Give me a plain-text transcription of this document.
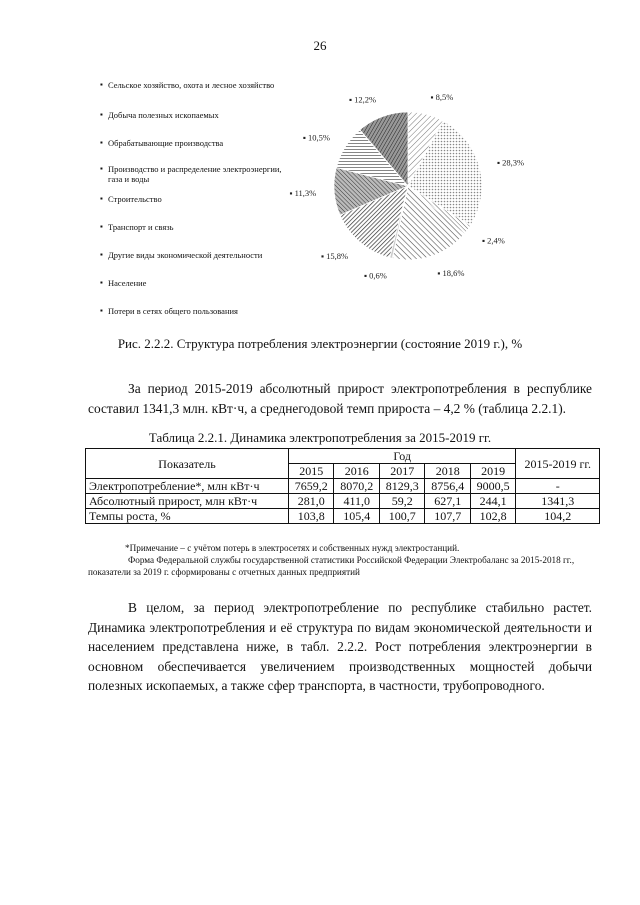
26
▪ Сельское хозяйство, охота и лесное хозяйство
▪ Добыча полезных ископаемых
▪ Обрабатывающие производства
▪ Производство и распределение электроэнергии, газа и воды
▪ Строительство
▪ Транспорт и связь
▪ Другие виды экономической деятельности
▪ Население
▪ Потери в сетях общего пользования
▪ 8,5%
▪ 28,3%
▪ 2,4%
▪ 18,6%
▪ 0,6%
▪ 15,8%
▪ 11,3%
▪ 10,5%
▪ 12,2%
Рис. 2.2.2. Структура потребления электроэнергии (состояние 2019 г.), %
За период 2015-2019 абсолютный прирост электропотребления в республике составил 1341,3 млн. кВт·ч, а среднегодовой темп прироста – 4,2 % (таблица 2.2.1).
Таблица 2.2.1. Динамика электропотребления за 2015-2019 гг.
Показатель	Год					2015-2019 гг.
	2015	2016	2017	2018	2019	
Электропотребление*, млн кВт·ч	7659,2	8070,2	8129,3	8756,4	9000,5	-
Абсолютный прирост, млн кВт·ч	281,0	411,0	59,2	627,1	244,1	1341,3
Темпы роста, %	103,8	105,4	100,7	107,7	102,8	104,2
*Примечание – с учётом потерь в электросетях и собственных нужд электростанций.
Форма Федеральной службы государственной статистики Российской Федерации Электробаланс за 2015-2018 гг., показатели за 2019 г. сформированы с отчетных данных предприятий
В целом, за период электропотребление по республике стабильно растет. Динамика электропотребления и её структура по видам экономической деятельности и населением представлена ниже, в табл. 2.2.2. Рост потребления электроэнергии в основном обеспечивается увеличением производственных мощностей добычи полезных ископаемых, а также сфер транспорта, в частности, трубопроводного.
